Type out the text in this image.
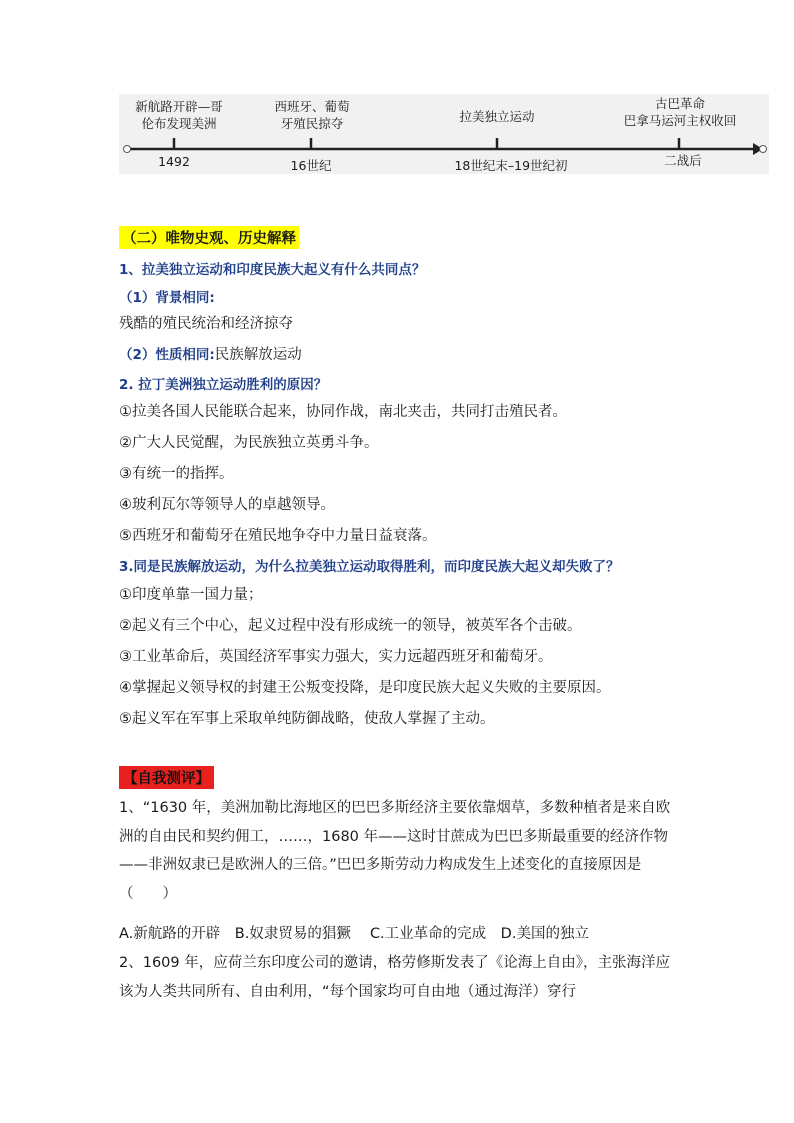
新航路开辟—哥
伦布发现美洲
西班牙、葡萄
牙殖民掠夺	拉美独立运动
古巴革命
巴拿马运河主权收回
1492	16世纪	18世纪末–19世纪初	二战后
（二）唯物史观、历史解释
1、拉美独立运动和印度民族大起义有什么共同点？
（1）背景相同:
残酷的殖民统治和经济掠夺
（2）性质相同:民族解放运动
2. 拉丁美洲独立运动胜利的原因？
①拉美各国人民能联合起来，协同作战，南北夹击，共同打击殖民者。
②广大人民觉醒，为民族独立英勇斗争。
③有统一的指挥。
④玻利瓦尔等领导人的卓越领导。
⑤西班牙和葡萄牙在殖民地争夺中力量日益衰落。
3.同是民族解放运动，为什么拉美独立运动取得胜利，而印度民族大起义却失败了？
①印度单靠一国力量；
②起义有三个中心，起义过程中没有形成统一的领导，被英军各个击破。
③工业革命后，英国经济军事实力强大，实力远超西班牙和葡萄牙。
④掌握起义领导权的封建王公叛变投降，是印度民族大起义失败的主要原因。
⑤起义军在军事上采取单纯防御战略，使敌人掌握了主动。
【自我测评】
1、“1630 年，美洲加勒比海地区的巴巴多斯经济主要依靠烟草，多数种植者是来自欧洲的自由民和契约佣工，……，1680 年——这时甘蔗成为巴巴多斯最重要的经济作物——非洲奴隶已是欧洲人的三倍。”巴巴多斯劳动力构成发生上述变化的直接原因是（　　）
A.新航路的开辟　B.奴隶贸易的猖獗　 C.工业革命的完成　D.美国的独立
2、1609 年，应荷兰东印度公司的邀请，格劳修斯发表了《论海上自由》，主张海洋应该为人类共同所有、自由利用，“每个国家均可自由地（通过海洋）穿行
